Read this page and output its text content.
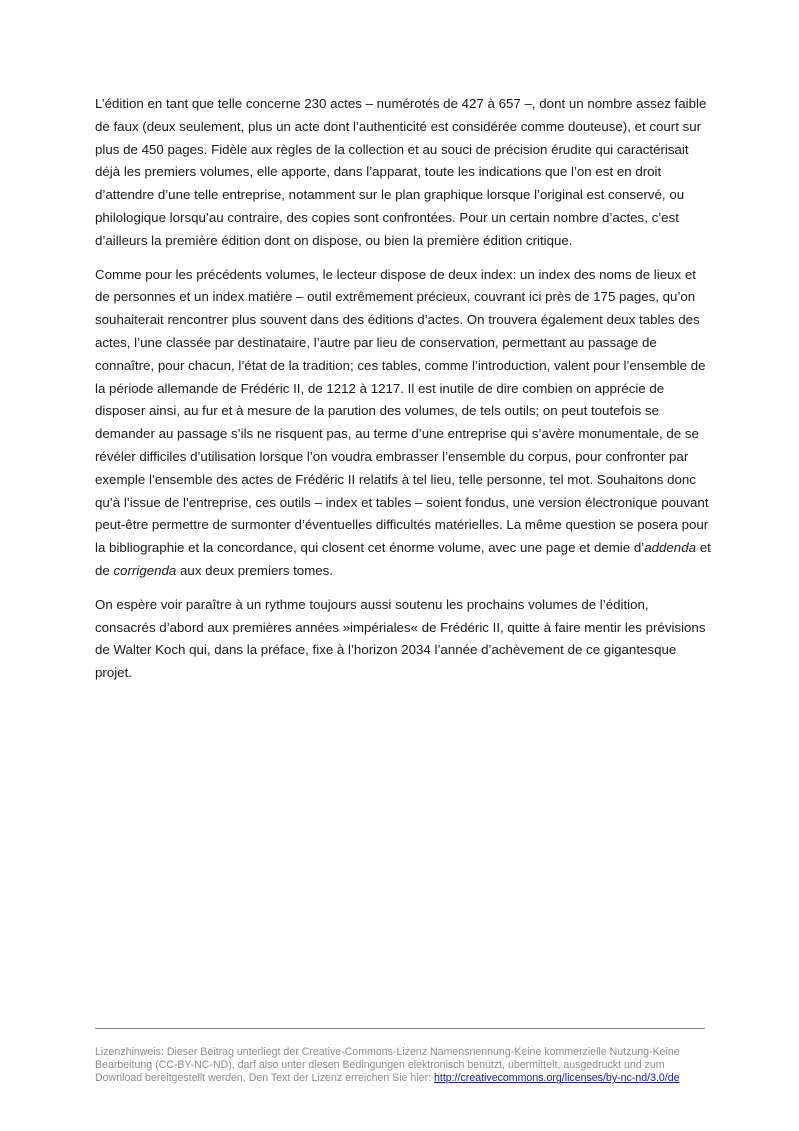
L’édition en tant que telle concerne 230 actes – numérotés de 427 à 657 –, dont un nombre assez faible de faux (deux seulement, plus un acte dont l’authenticité est considérée comme douteuse), et court sur plus de 450 pages. Fidèle aux règles de la collection et au souci de précision érudite qui caractérisait déjà les premiers volumes, elle apporte, dans l’apparat, toute les indications que l’on est en droit d’attendre d’une telle entreprise, notamment sur le plan graphique lorsque l’original est conservé, ou philologique lorsqu’au contraire, des copies sont confrontées. Pour un certain nombre d’actes, c’est d’ailleurs la première édition dont on dispose, ou bien la première édition critique.

Comme pour les précédents volumes, le lecteur dispose de deux index: un index des noms de lieux et de personnes et un index matière – outil extrêmement précieux, couvrant ici près de 175 pages, qu’on souhaiterait rencontrer plus souvent dans des éditions d’actes. On trouvera également deux tables des actes, l’une classée par destinataire, l’autre par lieu de conservation, permettant au passage de connaître, pour chacun, l’état de la tradition; ces tables, comme l’introduction, valent pour l’ensemble de la période allemande de Frédéric II, de 1212 à 1217. Il est inutile de dire combien on apprécie de disposer ainsi, au fur et à mesure de la parution des volumes, de tels outils; on peut toutefois se demander au passage s’ils ne risquent pas, au terme d’une entreprise qui s’avère monumentale, de se révéler difficiles d’utilisation lorsque l’on voudra embrasser l’ensemble du corpus, pour confronter par exemple l’ensemble des actes de Frédéric II relatifs à tel lieu, telle personne, tel mot. Souhaitons donc qu’à l’issue de l’entreprise, ces outils – index et tables – soient fondus, une version électronique pouvant peut-être permettre de surmonter d’éventuelles difficultés matérielles. La même question se posera pour la bibliographie et la concordance, qui closent cet énorme volume, avec une page et demie d’addenda et de corrigenda aux deux premiers tomes.

On espère voir paraître à un rythme toujours aussi soutenu les prochains volumes de l’édition, consacrés d’abord aux premières années »impériales« de Frédéric II, quitte à faire mentir les prévisions de Walter Koch qui, dans la préface, fixe à l’horizon 2034 l’année d’achèvement de ce gigantesque projet.

Lizenzhinweis: Dieser Beitrag unterliegt der Creative-Commons-Lizenz Namensnennung-Keine kommerzielle Nutzung-Keine Bearbeitung (CC-BY-NC-ND), darf also unter diesen Bedingungen elektronisch benutzt, übermittelt, ausgedruckt und zum Download bereitgestellt werden. Den Text der Lizenz erreichen Sie hier: http://creativecommons.org/licenses/by-nc-nd/3.0/de
